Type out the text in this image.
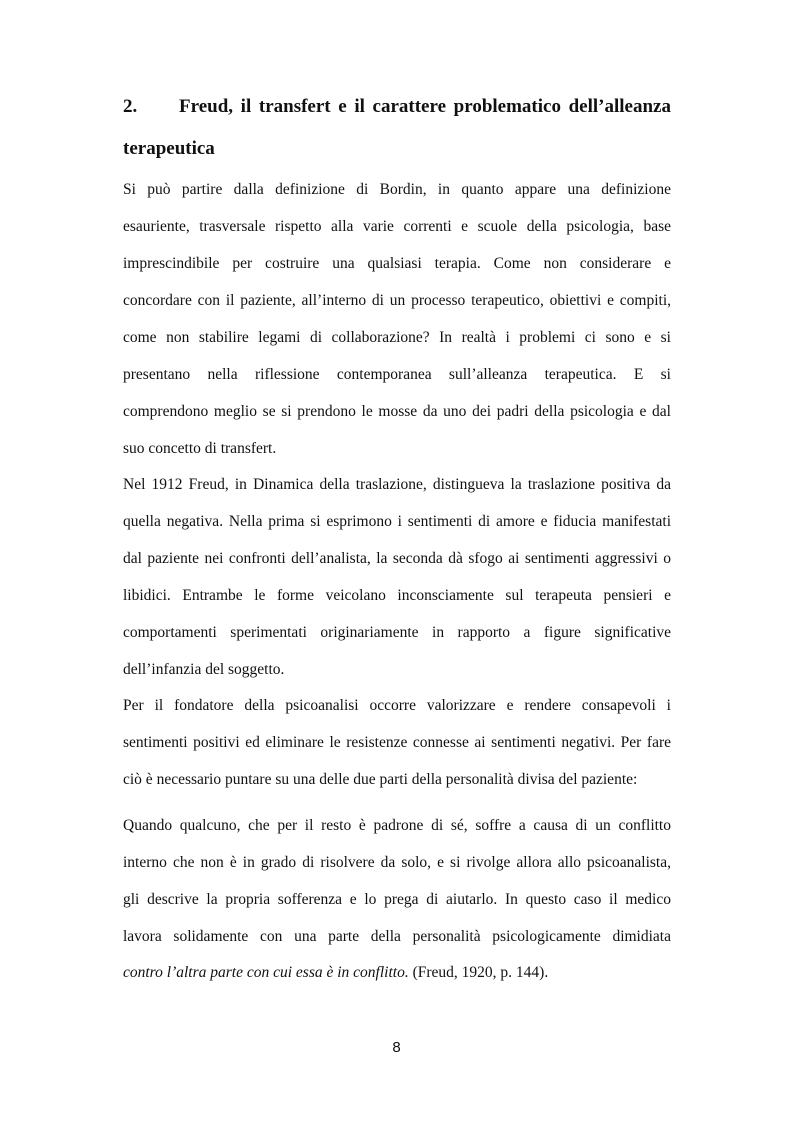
2.	Freud, il transfert e il carattere problematico dell’alleanza
terapeutica
Si può partire dalla definizione di Bordin, in quanto appare una definizione
esauriente, trasversale rispetto alla varie correnti e scuole della psicologia, base
imprescindibile per costruire una qualsiasi terapia. Come non considerare e
concordare con il paziente, all’interno di un processo terapeutico, obiettivi e compiti,
come non stabilire legami di collaborazione? In realtà i problemi ci sono e si
presentano nella riflessione contemporanea sull’alleanza terapeutica. E si
comprendono meglio se si prendono le mosse da uno dei padri della psicologia e dal
suo concetto di transfert.
Nel 1912 Freud, in Dinamica della traslazione, distingueva la traslazione positiva da
quella negativa. Nella prima si esprimono i sentimenti di amore e fiducia manifestati
dal paziente nei confronti dell’analista, la seconda dà sfogo ai sentimenti aggressivi o
libidici. Entrambe le forme veicolano inconsciamente sul terapeuta pensieri e
comportamenti sperimentati originariamente in rapporto a figure significative
dell’infanzia del soggetto.
Per il fondatore della psicoanalisi occorre valorizzare e rendere consapevoli i
sentimenti positivi ed eliminare le resistenze connesse ai sentimenti negativi. Per fare
ciò è necessario puntare su una delle due parti della personalità divisa del paziente:
Quando qualcuno, che per il resto è padrone di sé, soffre a causa di un conflitto
interno che non è in grado di risolvere da solo, e si rivolge allora allo psicoanalista,
gli descrive la propria sofferenza e lo prega di aiutarlo. In questo caso il medico
lavora solidamente con una parte della personalità psicologicamente dimidiata
contro l’altra parte con cui essa è in conflitto. (Freud, 1920, p. 144).
8
